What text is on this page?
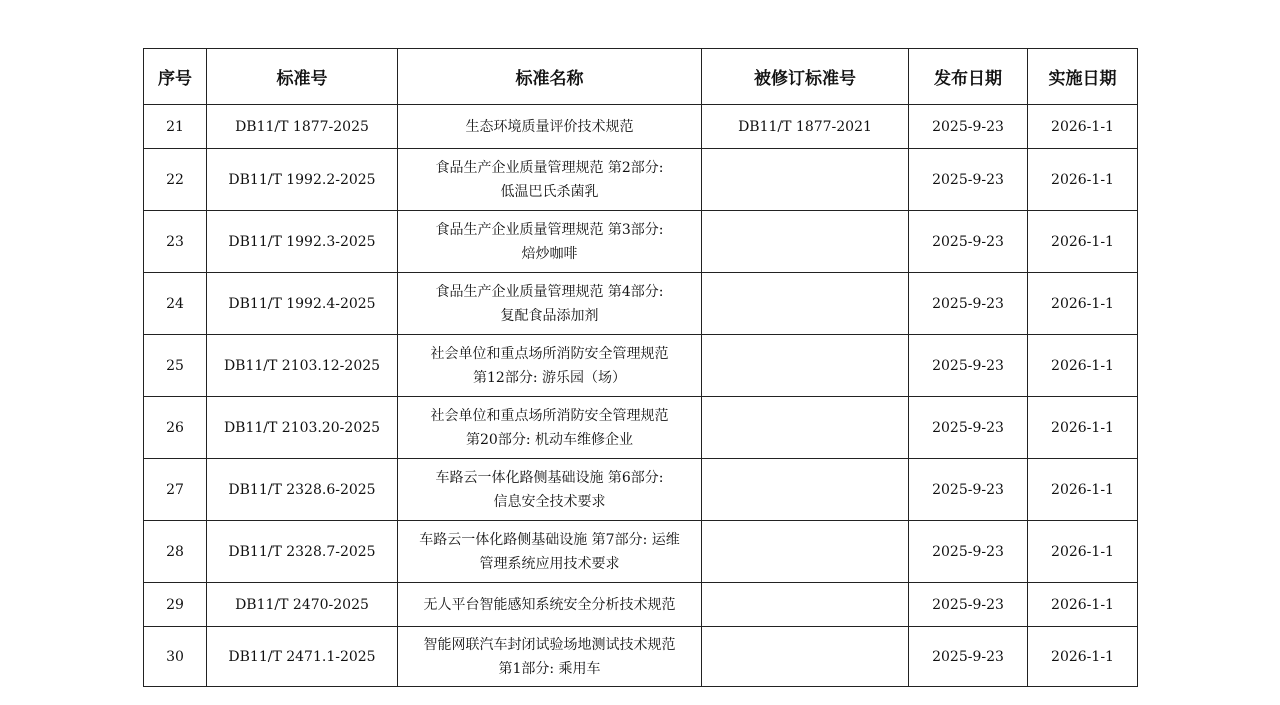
序号	标准号	标准名称	被修订标准号	发布日期	实施日期
21	DB11/T 1877-2025	生态环境质量评价技术规范	DB11/T 1877-2021	2025-9-23	2026-1-1
22	DB11/T 1992.2-2025	食品生产企业质量管理规范 第2部分:
低温巴氏杀菌乳		2025-9-23	2026-1-1
23	DB11/T 1992.3-2025	食品生产企业质量管理规范 第3部分:
焙炒咖啡		2025-9-23	2026-1-1
24	DB11/T 1992.4-2025	食品生产企业质量管理规范 第4部分:
复配食品添加剂		2025-9-23	2026-1-1
25	DB11/T 2103.12-2025	社会单位和重点场所消防安全管理规范
第12部分: 游乐园（场）		2025-9-23	2026-1-1
26	DB11/T 2103.20-2025	社会单位和重点场所消防安全管理规范
第20部分: 机动车维修企业		2025-9-23	2026-1-1
27	DB11/T 2328.6-2025	车路云一体化路侧基础设施 第6部分:
信息安全技术要求		2025-9-23	2026-1-1
28	DB11/T 2328.7-2025	车路云一体化路侧基础设施 第7部分: 运维
管理系统应用技术要求		2025-9-23	2026-1-1
29	DB11/T 2470-2025	无人平台智能感知系统安全分析技术规范		2025-9-23	2026-1-1
30	DB11/T 2471.1-2025	智能网联汽车封闭试验场地测试技术规范
第1部分: 乘用车		2025-9-23	2026-1-1
